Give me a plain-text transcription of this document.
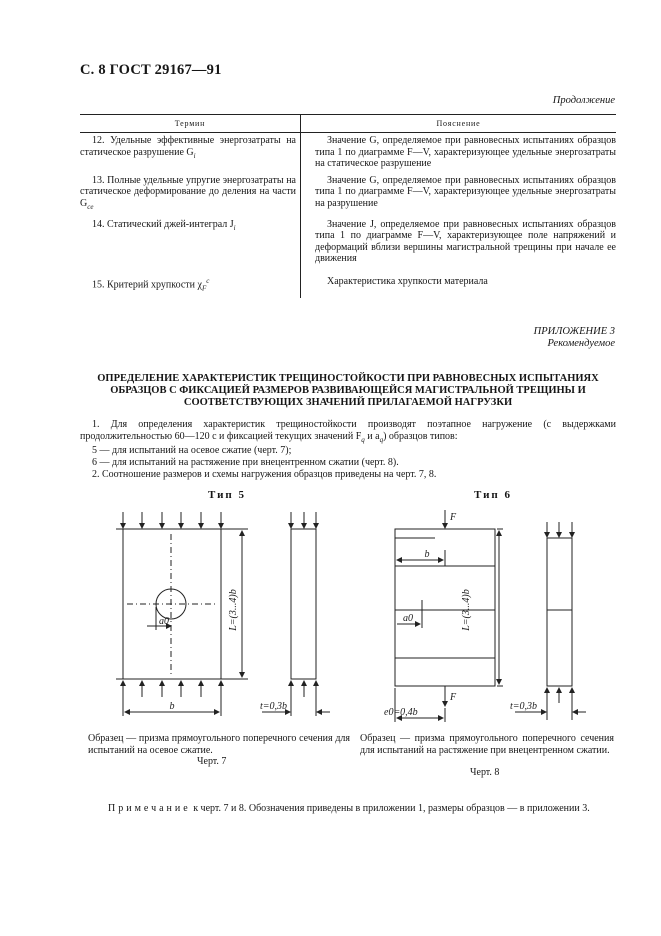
С. 8 ГОСТ 29167—91
Продолжение
Термин	Пояснение
12. Удельные эффективные энергозатраты на статическое разрушение $G_i$	Значение G, определяемое при равновесных испытаниях образцов типа 1 по диаграмме F—V, характеризующее удельные энергозатраты на статическое разрушение
13. Полные удельные упругие энергозатраты на статическое деформирование до деления на части $G_{ce}$	Значение G, определяемое при равновесных испытаниях образцов типа 1 по диаграмме F—V, характеризующее удельные энергозатраты на разрушение
14. Статический джей-интеграл $J_i$	Значение J, определяемое при равновесных испытаниях образцов типа 1 по диаграмме F—V, характеризующее поле напряжений и деформаций вблизи вершины магистральной трещины при начале ее движения
15. Критерий хрупкости $\chi_F^c$	Характеристика хрупкости материала
ПРИЛОЖЕНИЕ 3
Рекомендуемое
ОПРЕДЕЛЕНИЕ ХАРАКТЕРИСТИК ТРЕЩИНОСТОЙКОСТИ ПРИ РАВНОВЕСНЫХ ИСПЫТАНИЯХ ОБРАЗЦОВ С ФИКСАЦИЕЙ РАЗМЕРОВ РАЗВИВАЮЩЕЙСЯ МАГИСТРАЛЬНОЙ ТРЕЩИНЫ И СООТВЕТСТВУЮЩИХ ЗНАЧЕНИЙ ПРИЛАГАЕМОЙ НАГРУЗКИ
1. Для определения характеристик трещиностойкости производят поэтапное нагружение (с выдержками продолжительностью 60—120 с и фиксацией текущих значений $F_q$ и $a_q$) образцов типов:
5 — для испытаний на осевое сжатие (черт. 7);
6 — для испытаний на растяжение при внецентренном сжатии (черт. 8).
2. Соотношение размеров и схемы нагружения образцов приведены на черт. 7, 8.
Тип 5	Тип 6
L=(3...4)b
b
a0
t=0,3b
F
F
b
a0	L=(3...4)b
e0=0,4b
t=0,3b
Образец — призма прямоугольного поперечного сечения для испытаний на осевое сжатие.
Черт. 7
Образец — призма прямоугольного поперечного сечения для испытаний на растяжение при внецентренном сжатии.
Черт. 8
Примечание к черт. 7 и 8. Обозначения приведены в приложении 1, размеры образцов — в приложении 3.
